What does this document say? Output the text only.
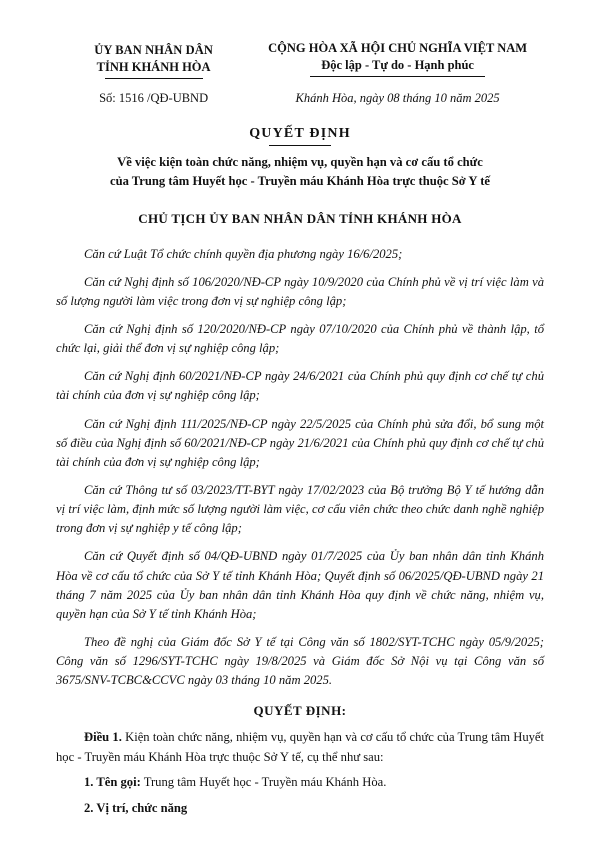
ỦY BAN NHÂN DÂN
TỈNH KHÁNH HÒA
CỘNG HÒA XÃ HỘI CHỦ NGHĨA VIỆT NAM
Độc lập - Tự do - Hạnh phúc
Số: 1516 /QĐ-UBND	Khánh Hòa, ngày 08 tháng 10 năm 2025
QUYẾT ĐỊNH
Về việc kiện toàn chức năng, nhiệm vụ, quyền hạn và cơ cấu tổ chức
của Trung tâm Huyết học - Truyền máu Khánh Hòa trực thuộc Sở Y tế
CHỦ TỊCH ỦY BAN NHÂN DÂN TỈNH KHÁNH HÒA
Căn cứ Luật Tổ chức chính quyền địa phương ngày 16/6/2025;
Căn cứ Nghị định số 106/2020/NĐ-CP ngày 10/9/2020 của Chính phủ về vị trí việc làm và số lượng người làm việc trong đơn vị sự nghiệp công lập;
Căn cứ Nghị định số 120/2020/NĐ-CP ngày 07/10/2020 của Chính phủ về thành lập, tổ chức lại, giải thể đơn vị sự nghiệp công lập;
Căn cứ Nghị định 60/2021/NĐ-CP ngày 24/6/2021 của Chính phủ quy định cơ chế tự chủ tài chính của đơn vị sự nghiệp công lập;
Căn cứ Nghị định 111/2025/NĐ-CP ngày 22/5/2025 của Chính phủ sửa đổi, bổ sung một số điều của Nghị định số 60/2021/NĐ-CP ngày 21/6/2021 của Chính phủ quy định cơ chế tự chủ tài chính của đơn vị sự nghiệp công lập;
Căn cứ Thông tư số 03/2023/TT-BYT ngày 17/02/2023 của Bộ trưởng Bộ Y tế hướng dẫn vị trí việc làm, định mức số lượng người làm việc, cơ cấu viên chức theo chức danh nghề nghiệp trong đơn vị sự nghiệp y tế công lập;
Căn cứ Quyết định số 04/QĐ-UBND ngày 01/7/2025 của Ủy ban nhân dân tỉnh Khánh Hòa về cơ cấu tổ chức của Sở Y tế tỉnh Khánh Hòa; Quyết định số 06/2025/QĐ-UBND ngày 21 tháng 7 năm 2025 của Ủy ban nhân dân tỉnh Khánh Hòa quy định về chức năng, nhiệm vụ, quyền hạn của Sở Y tế tỉnh Khánh Hòa;
Theo đề nghị của Giám đốc Sở Y tế tại Công văn số 1802/SYT-TCHC ngày 05/9/2025; Công văn số 1296/SYT-TCHC ngày 19/8/2025 và Giám đốc Sở Nội vụ tại Công văn số 3675/SNV-TCBC&CCVC ngày 03 tháng 10 năm 2025.
QUYẾT ĐỊNH:
Điều 1. Kiện toàn chức năng, nhiệm vụ, quyền hạn và cơ cấu tổ chức của Trung tâm Huyết học - Truyền máu Khánh Hòa trực thuộc Sở Y tế, cụ thể như sau:
1. Tên gọi: Trung tâm Huyết học - Truyền máu Khánh Hòa.
2. Vị trí, chức năng
